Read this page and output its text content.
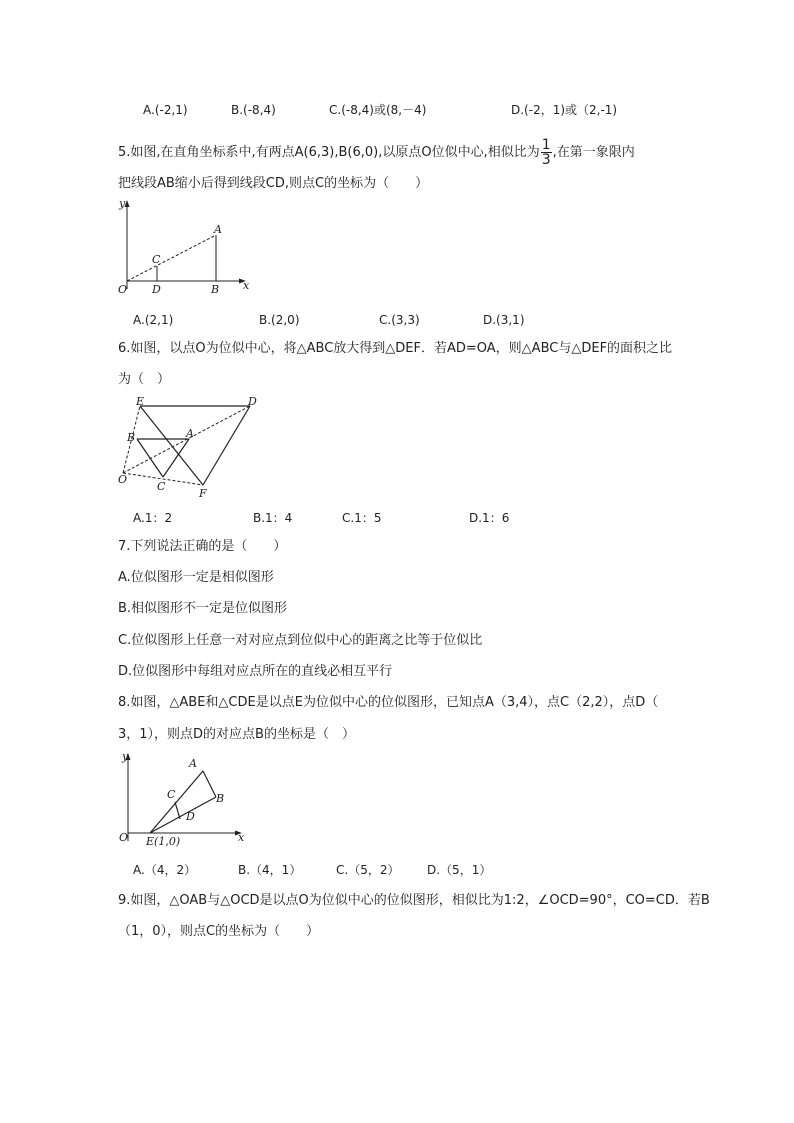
A.(-2,1)	B.(-8,4)	C.(-8,4)或(8,－4)	D.(-2，1)或（2,-1)
5.如图,在直角坐标系中,有两点A(6,3),B(6,0),以原点O位似中心,相似比为 $\frac{1}{3}$ ,在第一象限内
把线段AB缩小后得到线段CD,则点C的坐标为（　　）
y
x
O
A
B
C
D
A.(2,1)	B.(2,0)	C.(3,3)	D.(3,1)
6.如图，以点O为位似中心，将△ABC放大得到△DEF．若AD=OA，则△ABC与△DEF的面积之比
为（　）
E	D
B	A
O
C
F
A.1：2	B.1：4	C.1：5	D.1：6
7.下列说法正确的是（　　）
A.位似图形一定是相似图形
B.相似图形不一定是位似图形
C.位似图形上任意一对对应点到位似中心的距离之比等于位似比
D.位似图形中每组对应点所在的直线必相互平行
8.如图，△ABE和△CDE是以点E为位似中心的位似图形，已知点A（3,4），点C（2,2），点D（
3，1），则点D的对应点B的坐标是（　）
y
x
O E(1,0)
A
B
C
D
A.（4，2）	B.（4，1）	C.（5，2） D.（5，1）
9.如图，△OAB与△OCD是以点O为位似中心的位似图形，相似比为1:2，∠OCD=90°，CO=CD．若B
（1，0），则点C的坐标为（　　）
